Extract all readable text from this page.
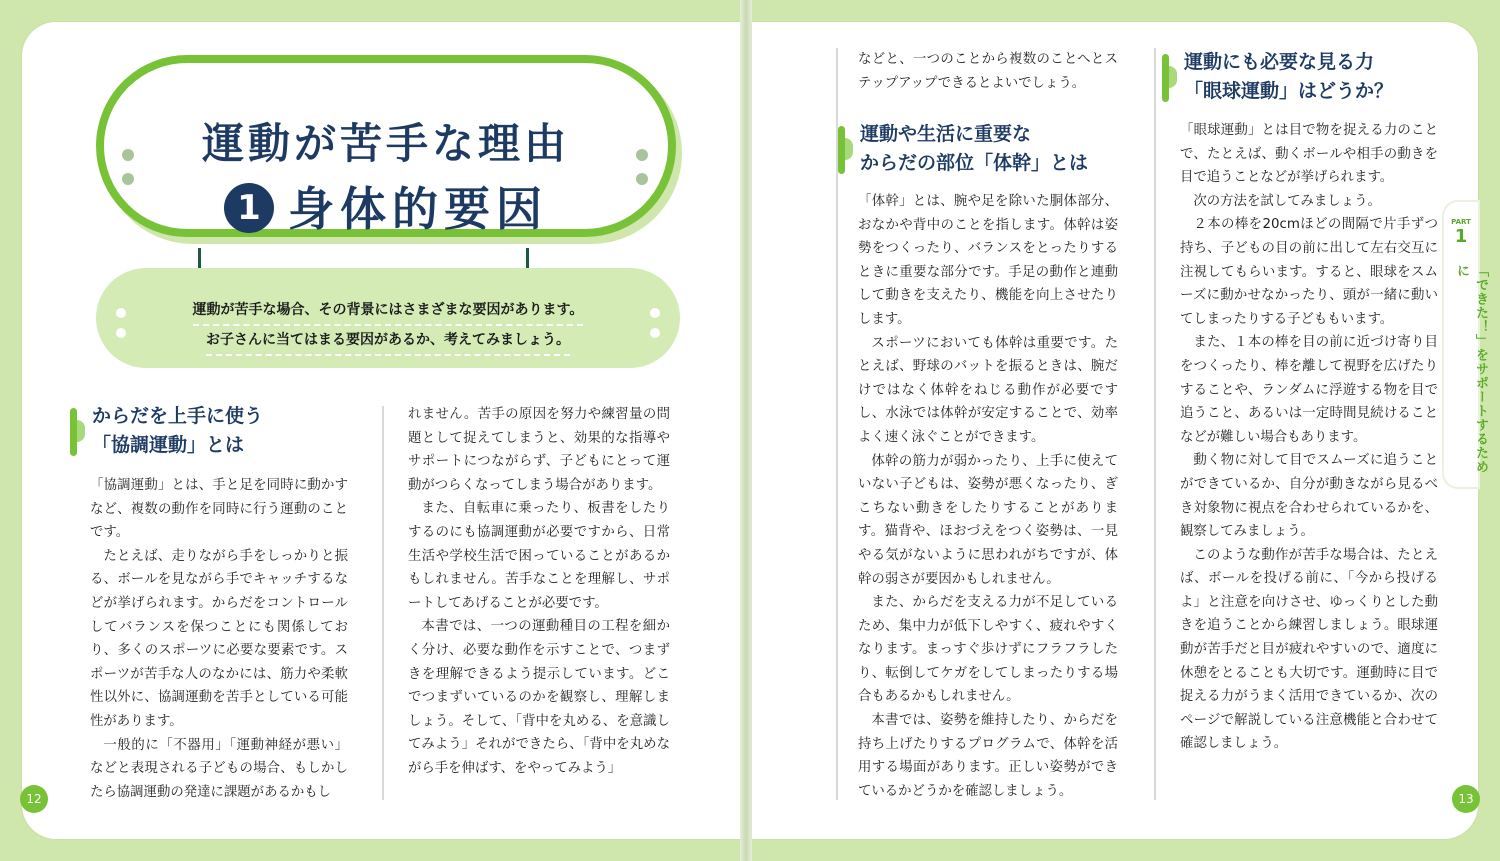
運動が苦手な理由
1 身体的要因
運動が苦手な場合、その背景にはさまざまな要因があります。
お子さんに当てはまる要因があるか、考えてみましょう。
からだを上手に使う
「協調運動」とは

「協調運動」とは、手と足を同時に動かすなど、複数の動作を同時に行う運動のことです。

たとえば、走りながら手をしっかりと振る、ボールを見ながら手でキャッチするなどが挙げられます。からだをコントロールしてバランスを保つことにも関係しており、多くのスポーツに必要な要素です。スポーツが苦手な人のなかには、筋力や柔軟性以外に、協調運動を苦手としている可能性があります。

一般的に「不器用」「運動神経が悪い」などと表現される子どもの場合、もしかしたら協調運動の発達に課題があるかもし

れません。苦手の原因を努力や練習量の問題として捉えてしまうと、効果的な指導やサポートにつながらず、子どもにとって運動がつらくなってしまう場合があります。

また、自転車に乗ったり、板書をしたりするのにも協調運動が必要ですから、日常生活や学校生活で困っていることがあるかもしれません。苦手なことを理解し、サポートしてあげることが必要です。

本書では、一つの運動種目の工程を細かく分け、必要な動作を示すことで、つまずきを理解できるよう提示しています。どこでつまずいているのかを観察し、理解しましょう。そして、「背中を丸める、を意識してみよう」それができたら、「背中を丸めながら手を伸ばす、をやってみよう」

12

などと、一つのことから複数のことへとステップアップできるとよいでしょう。

運動や生活に重要な
からだの部位「体幹」とは

「体幹」とは、腕や足を除いた胴体部分、おなかや背中のことを指します。体幹は姿勢をつくったり、バランスをとったりするときに重要な部分です。手足の動作と連動して動きを支えたり、機能を向上させたりします。

スポーツにおいても体幹は重要です。たとえば、野球のバットを振るときは、腕だけではなく体幹をねじる動作が必要ですし、水泳では体幹が安定することで、効率よく速く泳ぐことができます。

体幹の筋力が弱かったり、上手に使えていない子どもは、姿勢が悪くなったり、ぎこちない動きをしたりすることがあります。猫背や、ほおづえをつく姿勢は、一見やる気がないように思われがちですが、体幹の弱さが要因かもしれません。

また、からだを支える力が不足しているため、集中力が低下しやすく、疲れやすくなります。まっすぐ歩けずにフラフラしたり、転倒してケガをしてしまったりする場合もあるかもしれません。

本書では、姿勢を維持したり、からだを持ち上げたりするプログラムで、体幹を活用する場面があります。正しい姿勢ができているかどうかを確認しましょう。

運動にも必要な見る力
「眼球運動」はどうか？

「眼球運動」とは目で物を捉える力のことで、たとえば、動くボールや相手の動きを目で追うことなどが挙げられます。

次の方法を試してみましょう。

２本の棒を20cmほどの間隔で片手ずつ持ち、子どもの目の前に出して左右交互に注視してもらいます。すると、眼球をスムーズに動かせなかったり、頭が一緒に動いてしまったりする子どももいます。

また、１本の棒を目の前に近づけ寄り目をつくったり、棒を離して視野を広げたりすることや、ランダムに浮遊する物を目で追うこと、あるいは一定時間見続けることなどが難しい場合もあります。

動く物に対して目でスムーズに追うことができているか、自分が動きながら見るべき対象物に視点を合わせられているかを、観察してみましょう。

このような動作が苦手な場合は、たとえば、ボールを投げる前に、「今から投げるよ」と注意を向けさせ、ゆっくりとした動きを追うことから練習しましょう。眼球運動が苦手だと目が疲れやすいので、適度に休憩をとることも大切です。運動時に目で捉える力がうまく活用できているか、次のページで解説している注意機能と合わせて確認しましょう。

PART
1
「できた！」をサポートするために
13
